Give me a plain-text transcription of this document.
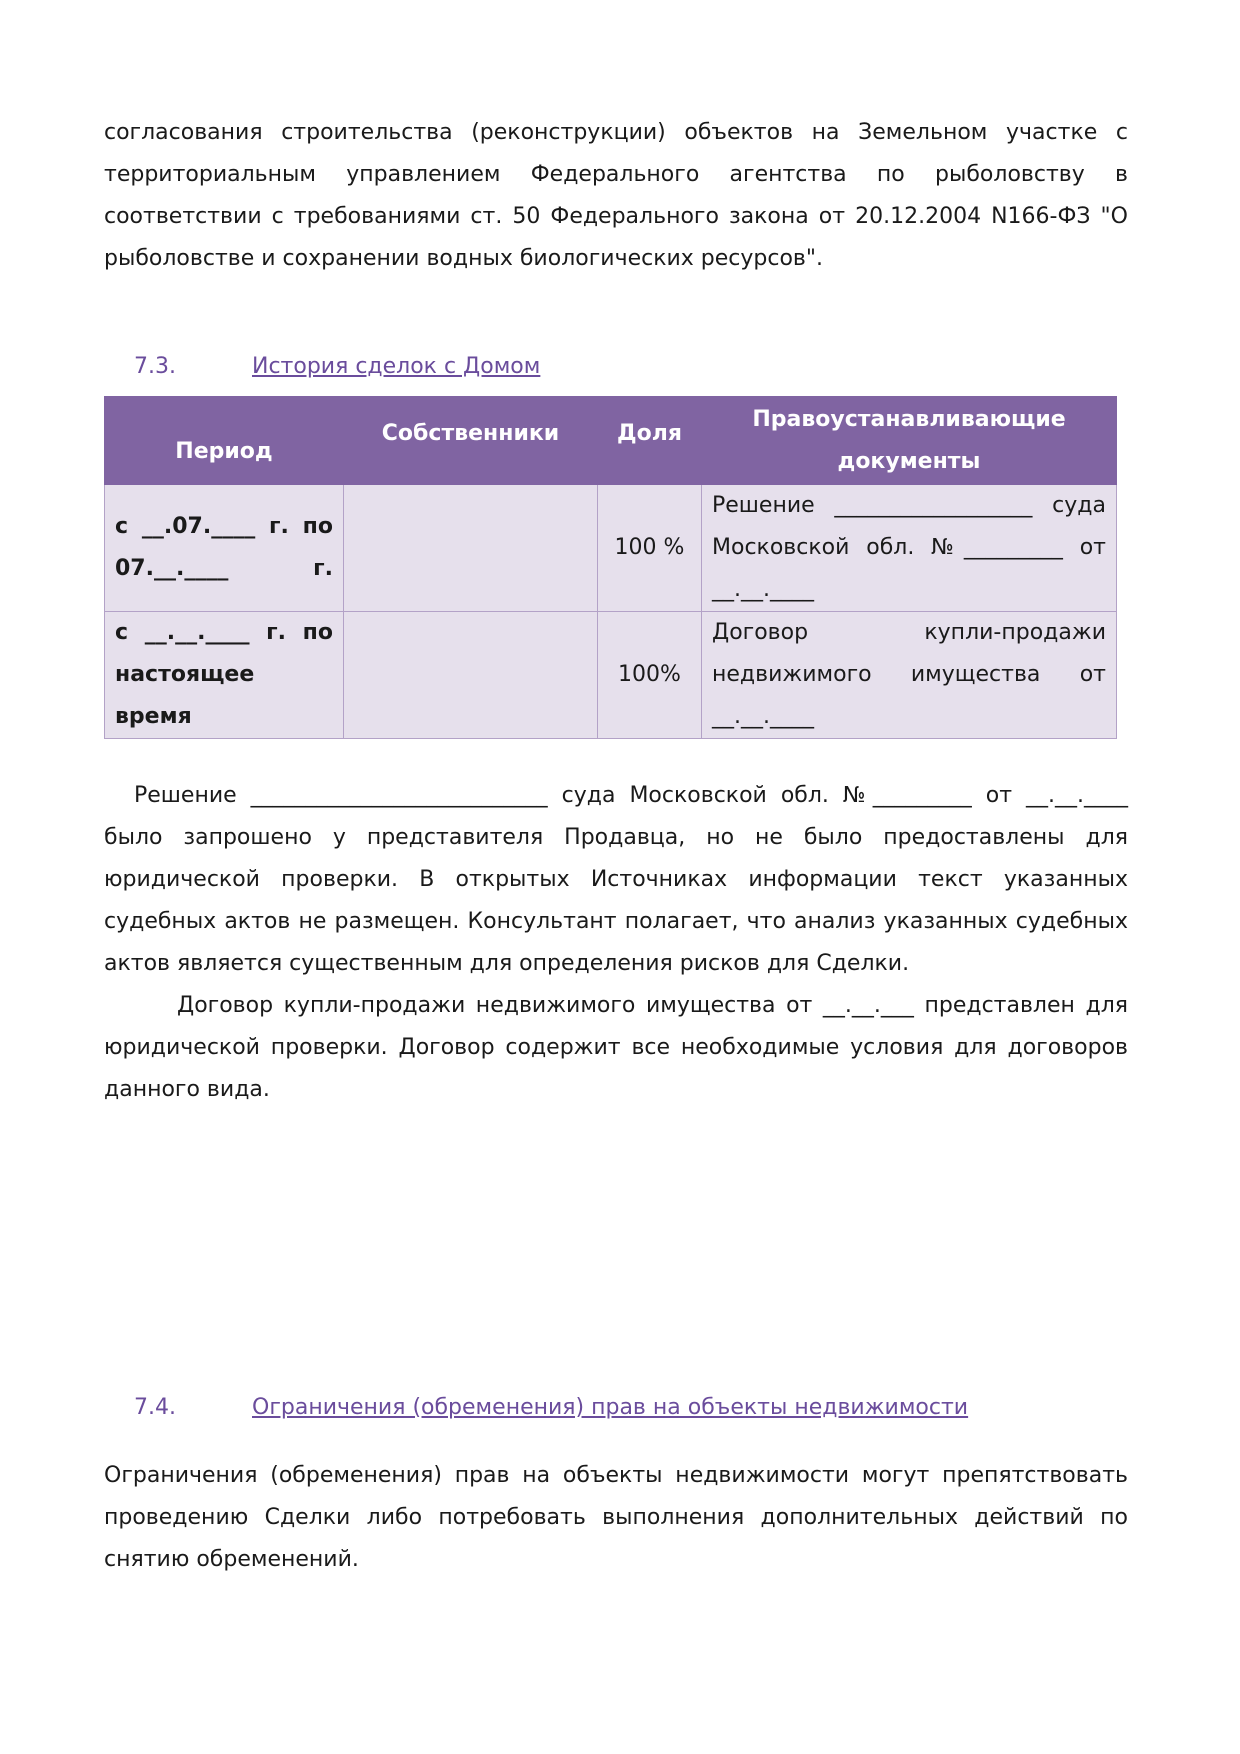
согласования строительства (реконструкции) объектов на Земельном участке с территориальным управлением Федерального агентства по рыболовству в соответствии с требованиями ст. 50 Федерального закона от 20.12.2004 N166-ФЗ "О рыболовстве и сохранении водных биологических ресурсов".

7.3.	История сделок с Домом
Период	Собственники	Доля	Правоустанавливающие документы
с __.07.____ г. по 07.__.____ г.		100 %	Решение __________________ суда Московской обл. №_________ от __.__.____
с __.__.____ г. по настоящее время		100%	Договор купли-продажи недвижимого имущества от __.__.____

Решение ___________________________ суда Московской обл. №_________ от __.__.____ было запрошено у представителя Продавца, но не было предоставлены для юридической проверки. В открытых Источниках информации текст указанных судебных актов не размещен. Консультант полагает, что анализ указанных судебных актов является существенным для определения рисков для Сделки.

Договор купли-продажи недвижимого имущества от __.__.___ представлен для юридической проверки. Договор содержит все необходимые условия для договоров данного вида.

7.4.	Ограничения (обременения) прав на объекты недвижимости

Ограничения (обременения) прав на объекты недвижимости могут препятствовать проведению Сделки либо потребовать выполнения дополнительных действий по снятию обременений.
